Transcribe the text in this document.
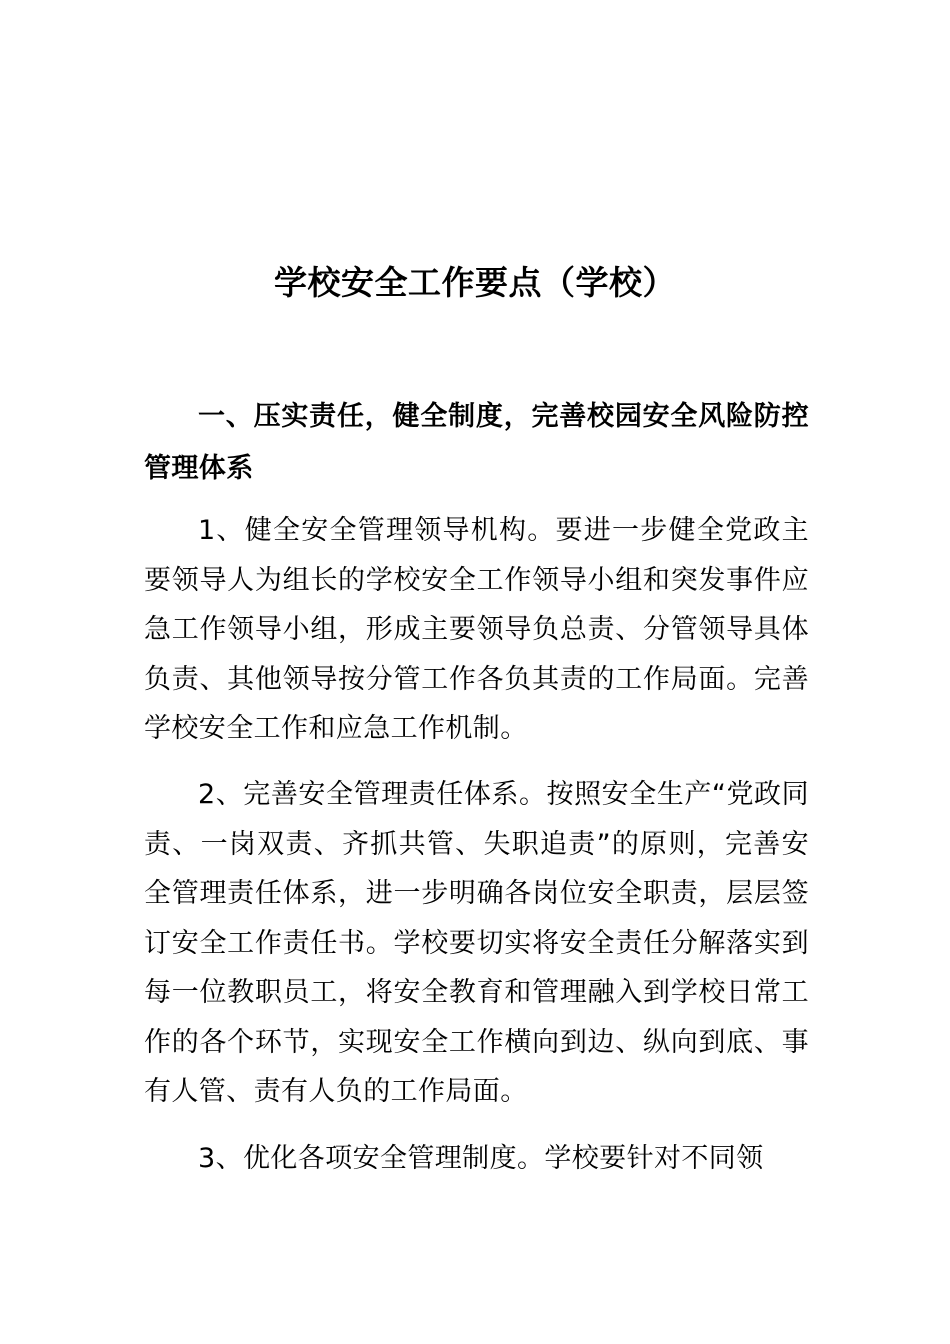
学校安全工作要点（学校）

一、压实责任，健全制度，完善校园安全风险防控管理体系

1、健全安全管理领导机构。要进一步健全党政主要领导人为组长的学校安全工作领导小组和突发事件应急工作领导小组，形成主要领导负总责、分管领导具体负责、其他领导按分管工作各负其责的工作局面。完善学校安全工作和应急工作机制。

2、完善安全管理责任体系。按照安全生产“党政同责、一岗双责、齐抓共管、失职追责”的原则，完善安全管理责任体系，进一步明确各岗位安全职责，层层签订安全工作责任书。学校要切实将安全责任分解落实到每一位教职员工，将安全教育和管理融入到学校日常工作的各个环节，实现安全工作横向到边、纵向到底、事有人管、责有人负的工作局面。

3、优化各项安全管理制度。学校要针对不同领
